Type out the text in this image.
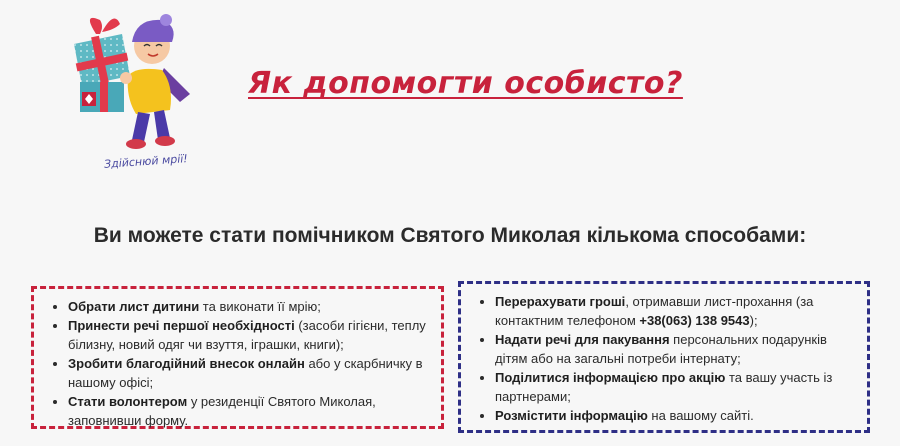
Здійснюй мрії!
Як допомогти особисто?
Ви можете стати помічником Святого Миколая кількома способами:
• Обрати лист дитини та виконати її мрію;
• Принести речі першої необхідності (засоби гігієни, теплу білизну, новий одяг чи взуття, іграшки, книги);
• Зробити благодійний внесок онлайн або у скарбничку в нашому офісі;
• Стати волонтером у резиденції Святого Миколая, заповнивши форму.
• Перерахувати гроші, отримавши лист-прохання (за контактним телефоном +38(063) 138 9543);
• Надати речі для пакування персональних подарунків дітям або на загальні потреби інтернату;
• Поділитися інформацією про акцію та вашу участь із партнерами;
• Розмістити інформацію на вашому сайті.
